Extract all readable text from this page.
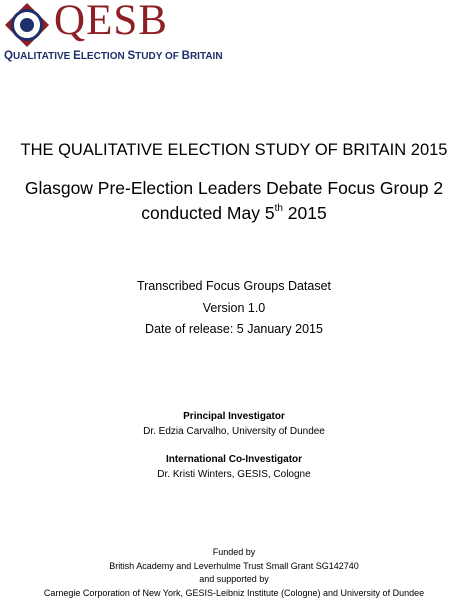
QESB
QUALITATIVE ELECTION STUDY OF BRITAIN
THE QUALITATIVE ELECTION STUDY OF BRITAIN 2015
Glasgow Pre-Election Leaders Debate Focus Group 2
conducted May 5th 2015
Transcribed Focus Groups Dataset
Version 1.0
Date of release: 5 January 2015
Principal Investigator
Dr. Edzia Carvalho, University of Dundee
International Co-Investigator
Dr. Kristi Winters, GESIS, Cologne
Funded by
British Academy and Leverhulme Trust Small Grant SG142740
and supported by
Carnegie Corporation of New York, GESIS-Leibniz Institute (Cologne) and University of Dundee
